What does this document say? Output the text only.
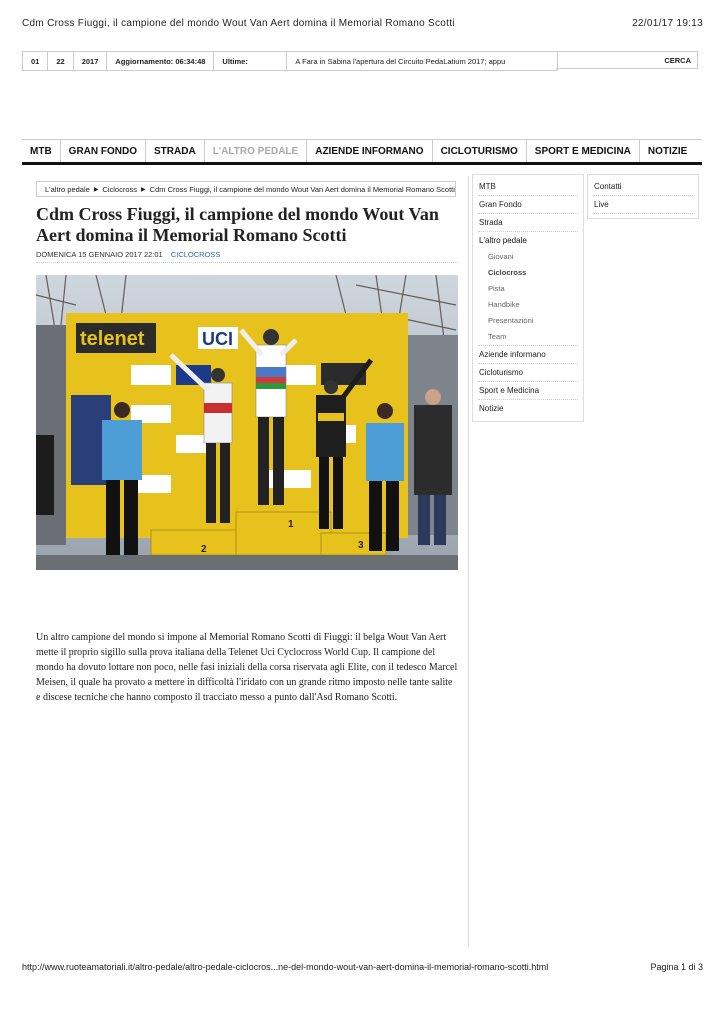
Cdm Cross Fiuggi, il campione del mondo Wout Van Aert domina il Memorial Romano Scotti	22/01/17 19:13
01	22	2017	Aggiornamento:
06:34:48	Ultime:	A Fara in Sabina l'apertura del Circuito PedaLatium 2017; appu	CERCA
MTB	GRAN FONDO	STRADA	L'ALTRO PEDALE	AZIENDE INFORMANO	CICLOTURISMO	SPORT E MEDICINA	NOTIZIE
L'altro pedale ▶ Ciclocross ▶ Cdm Cross Fiuggi, il campione del mondo Wout Van Aert domina il Memorial Romano Scotti
Cdm Cross Fiuggi, il campione del mondo Wout Van Aert domina il Memorial Romano Scotti
DOMENICA 15 GENNAIO 2017 22:01 CICLOCROSS
telenet	UCI
2
1
3

Un altro campione del mondo si impone al Memorial Romano Scotti di Fiuggi: il belga Wout Van Aert mette il proprio sigillo sulla prova italiana della Telenet Uci Cyclocross World Cup. Il campione del mondo ha dovuto lottare non poco, nelle fasi iniziali della corsa riservata agli Elite, con il tedesco Marcel Meisen, il quale ha provato a mettere in difficoltà l'iridato con un grande ritmo imposto nelle tante salite e discese tecniche che hanno composto il tracciato messo a punto dall'Asd Romano Scotti.

MTB
Gran Fondo
Strada
L'altro pedale
Giovani
Ciclocross
Pista
Handbike
Presentazioni
Team
Aziende informano
Cicloturismo
Sport e Medicina
Notizie
Contatti
Live
http://www.ruoteamatoriali.it/altro-pedale/altro-pedale-ciclocros...ne-del-mondo-wout-van-aert-domina-il-memorial-romano-scotti.html	Pagina 1 di 3
